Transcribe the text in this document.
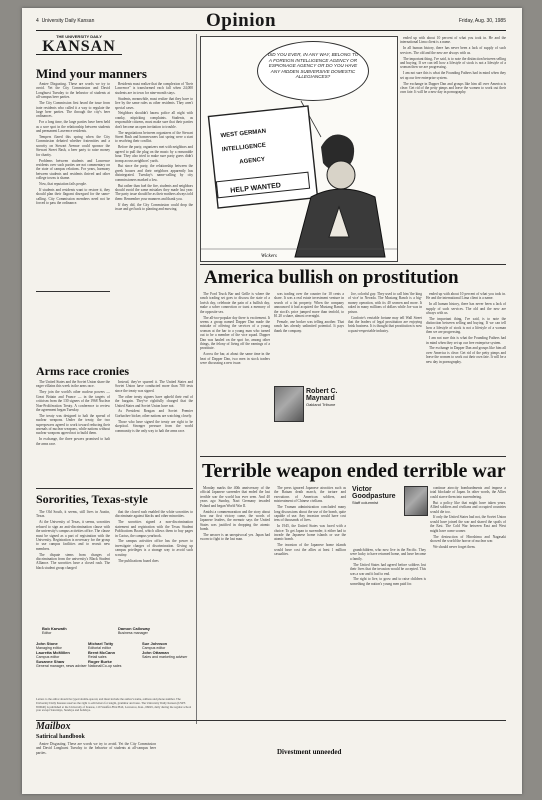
4 University Daily Kansan	Opinion	Friday, Aug. 30, 1985
THE UNIVERSITY DAILY
KANSAN
Mind your manners

Amiee Disgusting. These are words we try to avoid. Yet the City Commission and David Longhurst Tuesday to the behavior of students at all-campus beer parties.

The City Commission first heard the issue from irate residents who called it a way to regulate the large beer parties. The through the city's beer ordinances.

For a long time, the large parties have been held as a sore spot in the relationship between students and permanent Lawrence residents.

Tempers flared this spring when the City Commission debated whether fraternities and a sorority on Stewart Avenue could sponsor the Stewart Street Bash, a beer party to raise money for charity.

Problems between students and Lawrence residents over such parties are not commentary on the state of campus relations. For years, harmony between students and residents thrived and other college towns is shame.

Now, that reputation fails people.

If students and residents want to restore it, they should plan their flagrant disregard for the same-calling. City Commission members need not be forced to pass the ordinance.

Residents must realize that the complexion of "their Lawrence" is transformed each fall when 24,000 students are in town for nine-month stays.

Students, meanwhile, must realize that they have to live by the same rules as other residents. They aren't special cases.

Neighbors shouldn't harass police all night with cranky, nitpicking complaints. Students, as responsible citizens, must make sure that their parties don't become an open invitation to trouble.

The negotiations between organizers of the Stewart Street Bash and homeowners last spring were a start to resolving their conflict.

Before the party, organizers met with neighbors and agreed to pull the plug on the music by a reasonable hour. They also tried to make sure party goers didn't tromp across neighbors' yards.

But since the party, the relationship between the greek houses and their neighbors apparently has disintegrated. Tuesday's name-calling by city commissioners marked a low.

But rather than fuel the fire, students and neighbors should avoid the same mistakes they made last year. The party issue should be as their mothers always told them: Remember your manners and thank you.

If they did, the City Commission could drop the issue and get back to planting and mowing.

Arms race cronies

The United States and the Soviet Union share the eager villains this week in the arms race.

They join the world's other nuclear powers — Great Britain and France — in the targets of criticism from the 130 signers of the 1968 Nuclear Non-Proliferation Treaty. A conference to review the agreement began Tuesday.

The treaty was designed to halt the spread of nuclear weapons. Under the treaty, the two superpowers agreed to work toward reducing their arsenals of nuclear weapons, while nations without nuclear weapons agreed not to build them.

In exchange, the three powers promised to halt the arms race.

Instead, they've spurred it. The United States and Soviet Union have conducted more than 700 tests since the treaty was signed.

The other treaty signers have upheld their end of the bargain. They've rightfully charged that the United States and Soviet Union have not.

As President Reagan and Soviet Premier Gorbachev bicker, other nations are watching closely.

Those who have signed the treaty are right to be skeptical. Stronger pressure from the world community is the only way to halt the arms race.

Sororities, Texas-style

The Old South, it seems, still lives in Austin, Texas.

At the University of Texas, it seems, sororities refused to sign an anti-discrimination clause with the university's campus activities office. The clause must be signed as a part of registration with the University. Registration is necessary for the group to use campus facilities and to recruit new members.

The dispute stems from charges of discrimination from the university's Black Student Alliance. The sororities have a closed rush. The black student group charged

that the closed rush enabled the white sororities to discriminate against blacks and other minorities.

The sororities signed a non-discrimination statement and registration with the Texas Student Publications Board, which allows them to buy pages in Cactus, the campus yearbook.

The campus activities office has the power to investigate charges of discrimination. Giving up campus privileges is a strange way to avoid such scrutiny.

The publications board does

Bob Karwath
Editor
Damon Calloway
Business manager
John Stone
Managing editor
Lauretta McMillen
Campus editor
Susanne Shaw
General manager, news adviser
Michael Totty
Editorial editor
Brent McCann
Retail sales
Roger Burke
National/Co-op sales
Sue Johnson
Campus editor
John Ottaman
Sales and marketing adviser
Letters to the editor should be typed double-spaced, and must include the author's name, address and phone number. The University Daily Kansan reserves the right to edit letters for length, grammar and taste. The University Daily Kansan (USPS 650640) is published at the University of Kansas, 119 Stauffer-Flint Hall, Lawrence, Kan., 66045, daily during the regular school year except Saturdays, Sundays and holidays.
DID YOU EVER, IN ANY WAY, BELONG TO A FOREIGN INTELLIGENCE AGENCY OR ESPIONAGE AGENCY OR DO YOU HAVE ANY HIDDEN SUBVERSIVE DOMESTIC ALLEGIANCES?
WEST GERMAN
INTELLIGENCE
AGENCY
HELP WANTED
Wickers

ended up with about 10 percent of what you took in. He and the international Lima client is a name.

In all human history, there has never been a lack of supply of such services. The old and the new are always with us.

The important thing, I've said, is to note the distinction between selling and buying. If we can tell how a lifestyle of stock is not a lifestyle of a woman then we are progressing.

I am not sure this is what the Founding Fathers had in mind when they set up our free enterprise system.

The exchange in Dapper Dan and groups like him all over America is clear: Get rid of the petty pimps and leave the women to work out their own fate. It will be a new day in pornography.

America bullish on prostitution

The Ford Truck Bar and Grille is where the ranch trading set goes to discuss the state of a lavish day, celebrate the pain of a bullish day, make a sober connection or toast a memory of the opposite sex.

The all-too-popular day there is excitement. It seems a group named Dapper Dan made the mistake of offering the services of a young woman at the bar to a young man who turned out to be a member of the vice squad. Dapper Dan was hauled on the spot for, among other things, the felony of living off the earnings of a prostitute.

Across the bar, at about the same time in the heat of Dapper Dan, two men in stock traders were discussing a new issue.

was trading over the counter for 10 cents a share. It was a real estate investment venture in search of a fat property. When the company announced it had acquired the Mustang Ranch, the stock's price jumped more than tenfold, to $1.20 a share, almost overnight.

Female, one broker was telling another. That ranch has already unlimited potential. It pays thank the company.

Robert C. Maynard
Oakland Tribune

Joe, colorful guy. They used to call him 'the king of vice' in Nevada. The Mustang Ranch is a big-money operation, with its 40 women and more. It raked in many millions of dollars while Joe was in prison.

Conforte's enviable fortune may tell Wall Street that the leaders of legal prostitution are enjoying brisk business. It is thought that prostitution is now a quasi-respectable industry.

ended up with about 10 percent of what you took in. He and the international Lima client is a name.

In all human history, there has never been a lack of supply of such services. The old and the new are always with us.

The important thing, I've said, is to note the distinction between selling and buying. If we can tell how a lifestyle of stock is not a lifestyle of a woman then we are progressing.

I am not sure this is what the Founding Fathers had in mind when they set up our free enterprise system.

The exchange in Dapper Dan and groups like him all over America is clear: Get rid of the petty pimps and leave the women to work out their own fate. It will be a new day in pornography.

Terrible weapon ended terrible war

Monday marks the 40th anniversary of the official Japanese surrender that ended the last terrible war the world has ever seen. And 40 years ago Sunday, Nazi Germany invaded Poland and began World War II.

Amidst a commemoration and the story about how our first victory came, the words of Japanese leaders, the memoir says the United States was justified in dropping the atomic bomb.

The answer is an unequivocal yes. Japan had sworn to fight to the last man.

The press ignored Japanese atrocities such as the Bataan death march, the torture and executions of American soldiers, and mistreatment of Chinese civilians.

The Truman administration concluded many long discussions about the use of the bomb, quite capable of use. Any invasion would have cost tens of thousands of lives.

In 1945, the United States was faced with a choice: To get Japan to surrender, it either had to invade the Japanese home islands or use the atomic bomb.

The invasion of the Japanese home islands would have cost the allies at least 1 million casualties.

grandchildren, who now live in the Pacific. They were lucky to have returned home, and have become a family.

The United States had agreed before soldiers lost their lives that the invasion would be accepted. This was a war and it had to end.

The right to live, to grow and to raise children is something the nation's young men paid for.

Victor Goodpasture
Staff columnist

continue atrocity bombardments and impose a total blockade of Japan. In other words, the Allies could starve them into surrendering.

But a policy like that might have taken years. Allied soldiers and civilians and occupied countries would die too.

If only the United States had not, the Soviet Union would have joined the war and shared the spoils of the East. The Cold War between East and West might have come sooner.

The destruction of Hiroshima and Nagasaki showed the world the horror of nuclear war.

We should never forget them.

Mailbox
Satirical handbook

Amiee Disgusting. These are words we try to avoid. Yet the City Commission and David Longhurst Tuesday to the behavior of students at all-campus beer parties.	Divestment unneeded
